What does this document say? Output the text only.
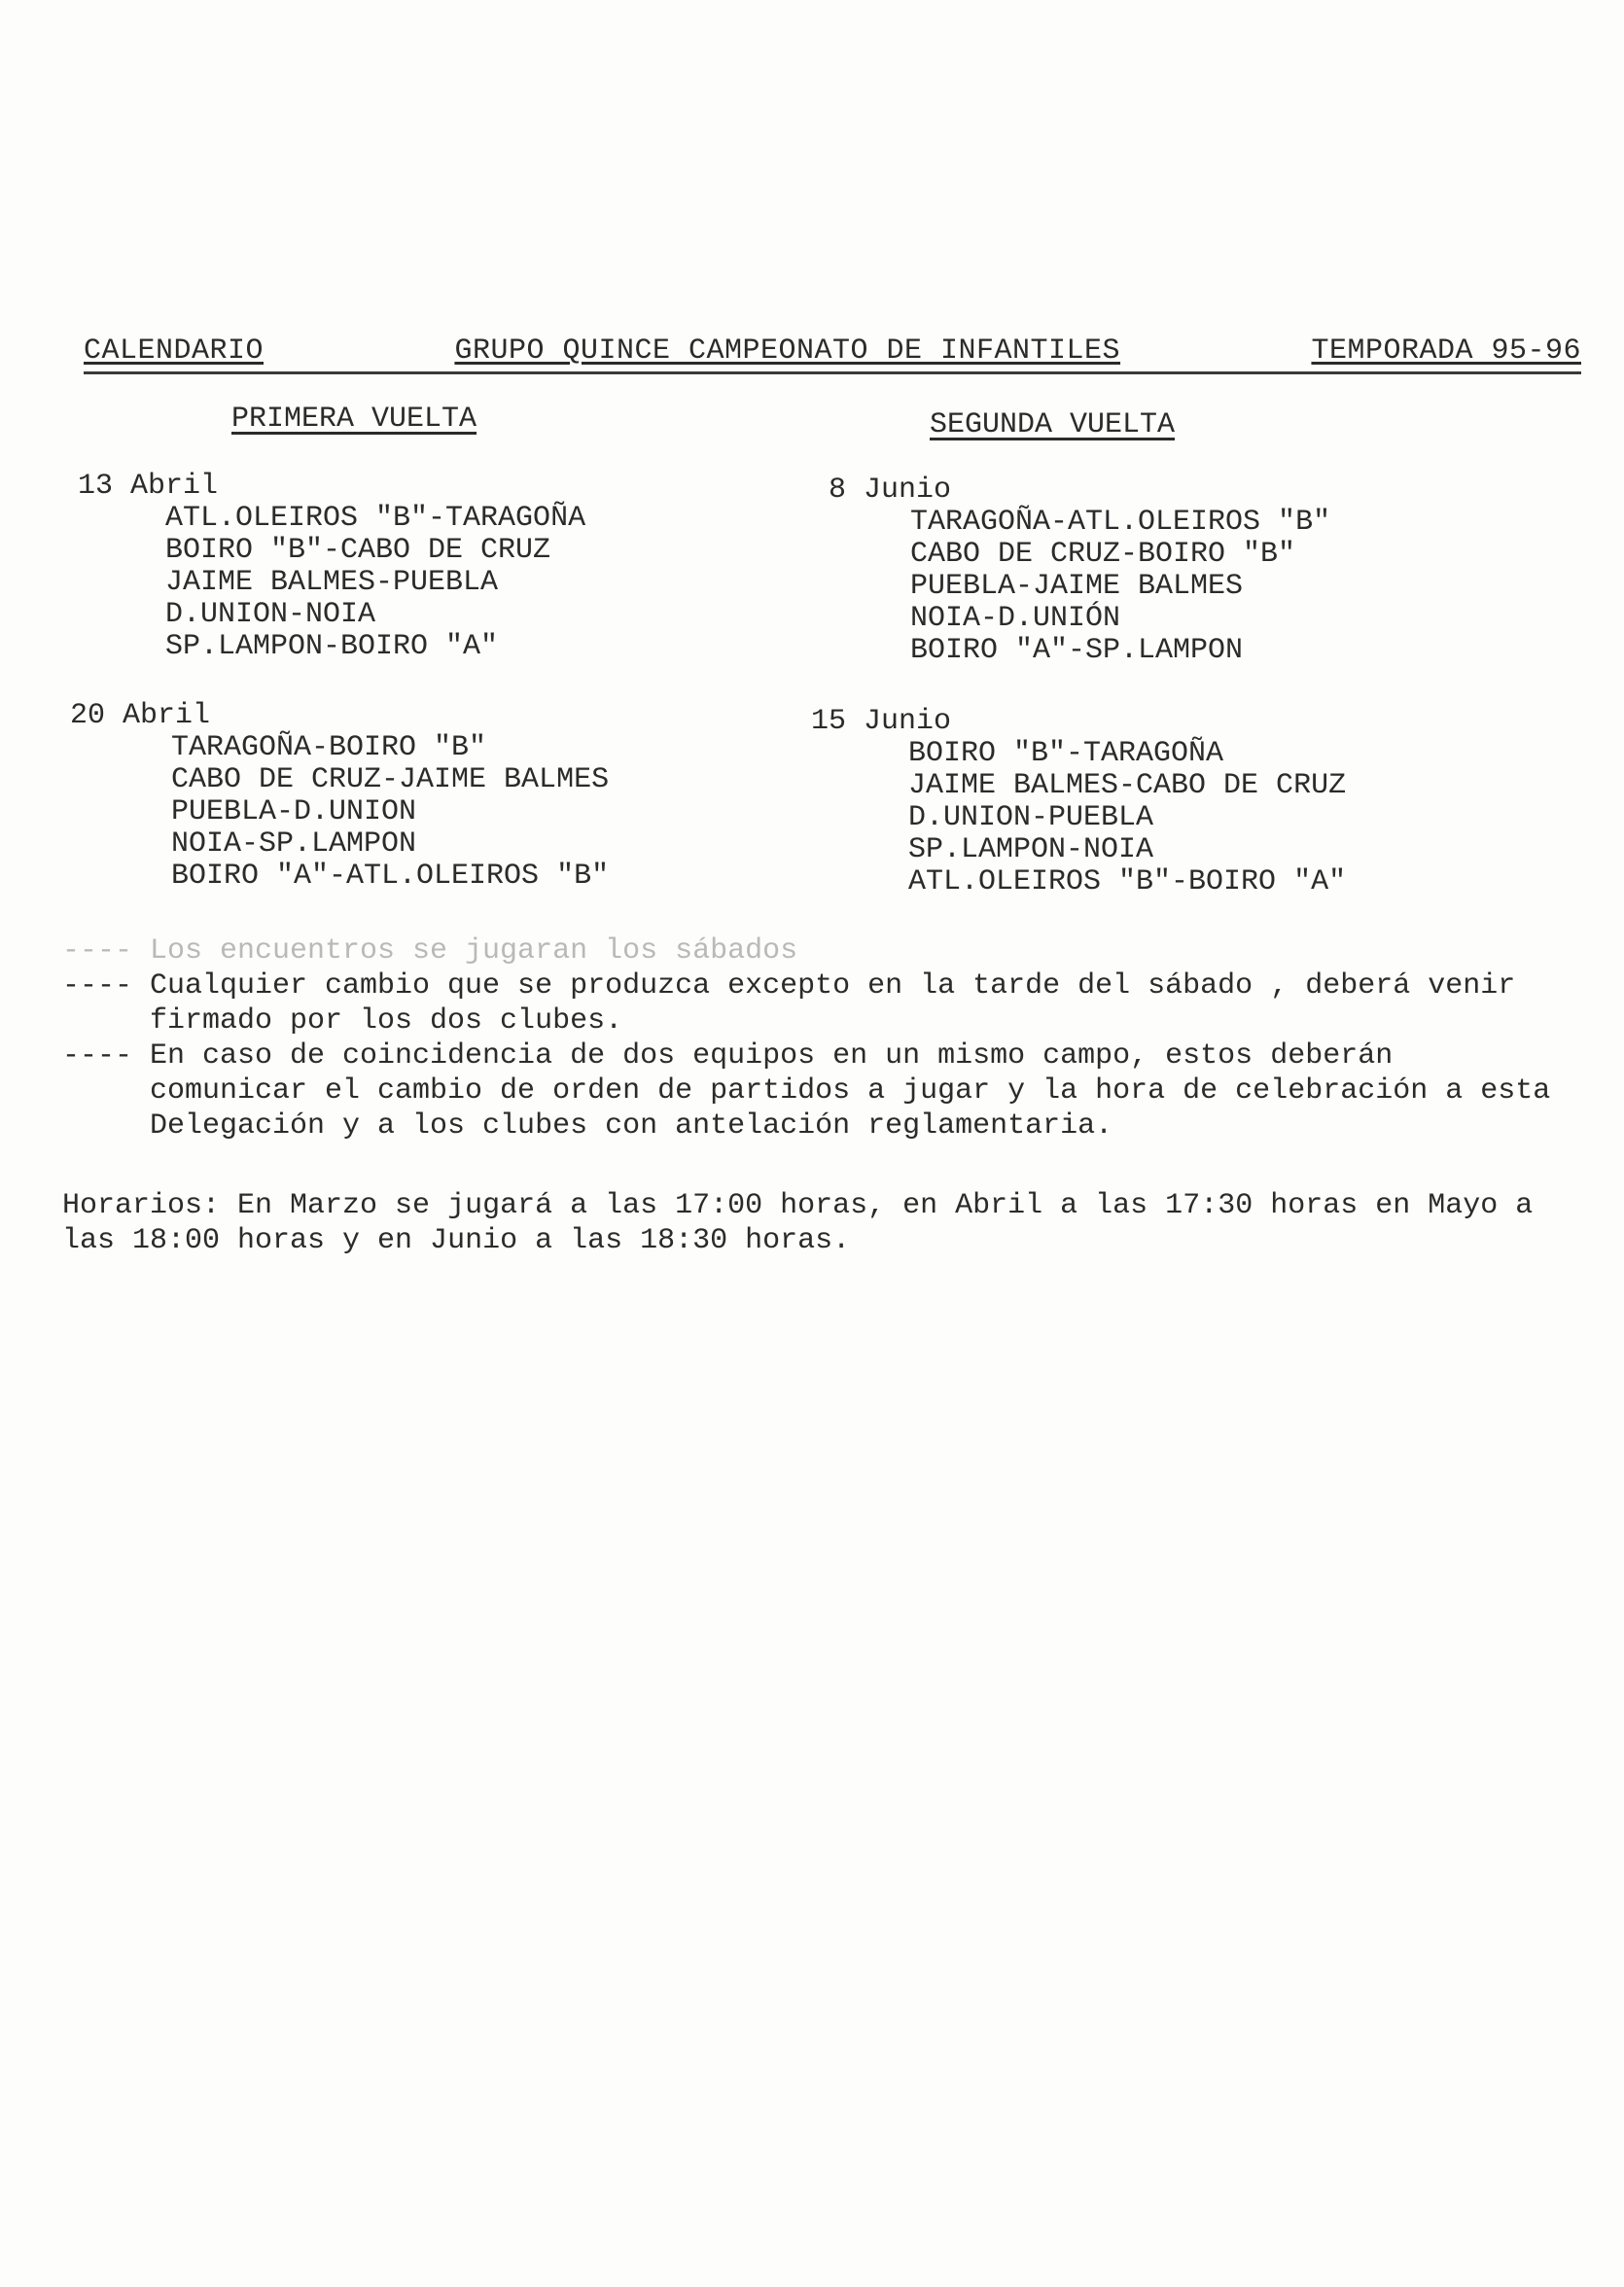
CALENDARIO	GRUPO QUINCE CAMPEONATO DE INFANTILES	TEMPORADA 95-96
PRIMERA VUELTA	SEGUNDA VUELTA
13 Abril
ATL.OLEIROS "B"-TARAGOÑA
BOIRO "B"-CABO DE CRUZ
JAIME BALMES-PUEBLA
D.UNION-NOIA
SP.LAMPON-BOIRO "A"
20 Abril
TARAGOÑA-BOIRO "B"
CABO DE CRUZ-JAIME BALMES
PUEBLA-D.UNION
NOIA-SP.LAMPON
BOIRO "A"-ATL.OLEIROS "B"
8 Junio
TARAGOÑA-ATL.OLEIROS "B"
CABO DE CRUZ-BOIRO "B"
PUEBLA-JAIME BALMES
NOIA-D.UNIÓN
BOIRO "A"-SP.LAMPON
15 Junio
BOIRO "B"-TARAGOÑA
JAIME BALMES-CABO DE CRUZ
D.UNION-PUEBLA
SP.LAMPON-NOIA
ATL.OLEIROS "B"-BOIRO "A"
---- Los encuentros se jugaran los sábados
---- Cualquier cambio que se produzca excepto en la tarde del sábado , deberá venir firmado por los dos clubes.
---- En caso de coincidencia de dos equipos en un mismo campo, estos deberán comunicar el cambio de orden de partidos a jugar y la hora de celebración a esta Delegación y a los clubes con antelación reglamentaria.
Horarios: En Marzo se jugará a las 17:00 horas, en Abril a las 17:30 horas en Mayo a las 18:00 horas y en Junio a las 18:30 horas.
